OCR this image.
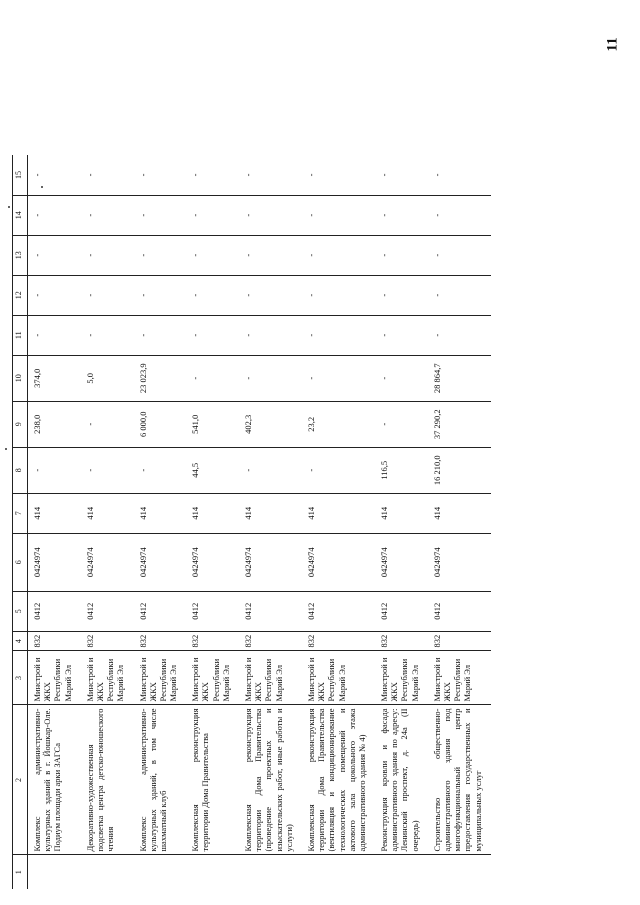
11
1	2	3	4	5	6	7	8	9	10	11	12	13	14	15
	Комплекс административно-культурных зданий в г. Йошкар-Оле. Подиум площади арки ЗАГСа	Минстрой и ЖКХ Республики Марий Эл	832	0412	0424974	414	-	238,0	374,0	-	-	-	-	-
	Декоративно-художественная подсветка центра детско-юношеского чтения	Минстрой и ЖКХ Республики Марий Эл	832	0412	0424974	414	-	-	5,0	-	-	-	-	-
	Комплекс административно-культурных зданий, в том числе шахматный клуб	Минстрой и ЖКХ Республики Марий Эл	832	0412	0424974	414	-	6 000,0	23 023,9	-	-	-	-	-
	Комплексная реконструкция территории Дома Правительства	Минстрой и ЖКХ Республики Марий Эл	832	0412	0424974	414	44,5	541,0	-	-	-	-	-	-
	Комплексная реконструкция территории Дома Правительства (проведение проектных и изыскательских работ, иные работы и услуги)	Минстрой и ЖКХ Республики Марий Эл	832	0412	0424974	414	-	402,3	-	-	-	-	-	-
	Комплексная реконструкция территории Дома Правительства (вентиляция и кондиционирование технологических помещений и актового зала цокольного этажа административного здания № 4)	Минстрой и ЖКХ Республики Марий Эл	832	0412	0424974	414	-	23,2	-	-	-	-	-	-
	Реконструкция кровли и фасада административного здания по адресу: Ленинский проспект, д. 24а (II очередь)	Минстрой и ЖКХ Республики Марий Эл	832	0412	0424974	414	116,5	-	-	-	-	-	-	-
	Строительство общественно-административного здания под многофункциональный центр предоставления государственных и муниципальных услуг	Минстрой и ЖКХ Республики Марий Эл	832	0412	0424974	414	16 210,0	37 290,2	28 864,7	-	-	-	-	-
